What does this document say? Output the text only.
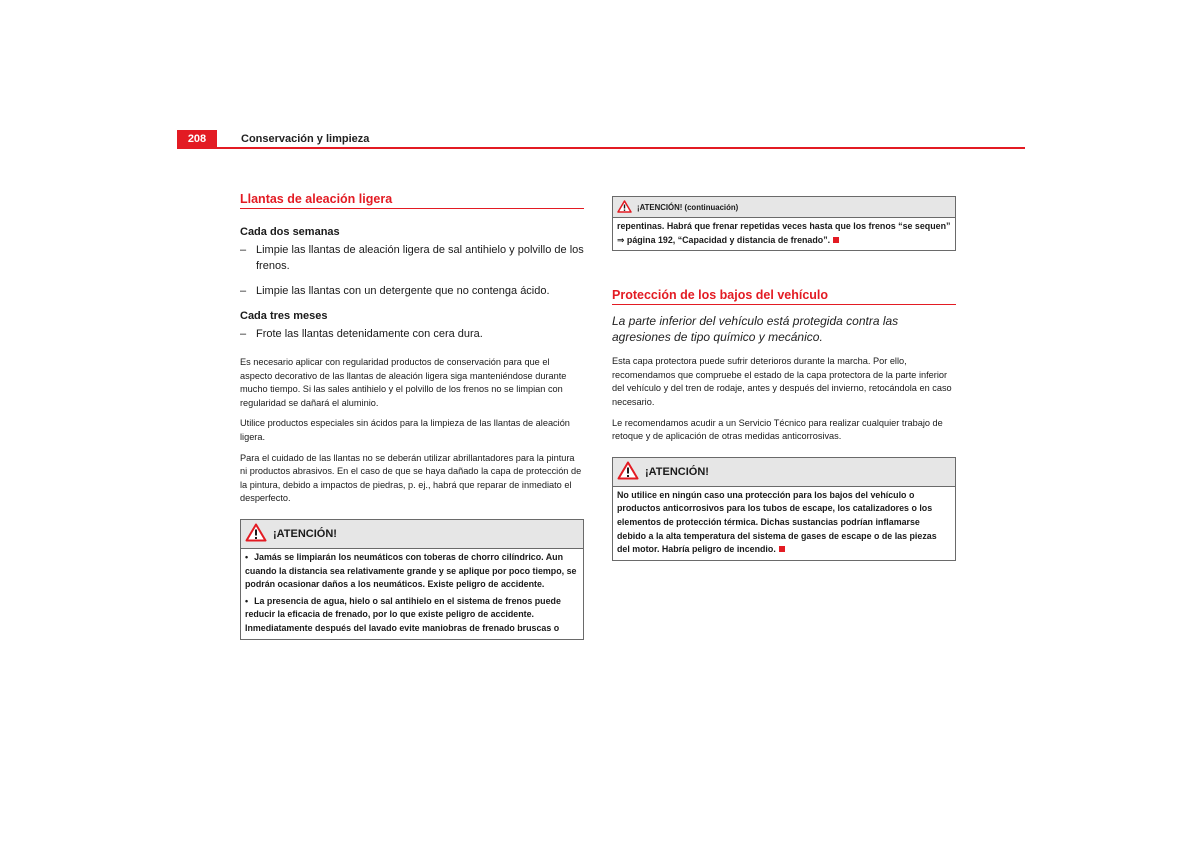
208	Conservación y limpieza
Llantas de aleación ligera
Cada dos semanas
– Limpie las llantas de aleación ligera de sal antihielo y polvillo de los frenos.
– Limpie las llantas con un detergente que no contenga ácido.
Cada tres meses
– Frote las llantas detenidamente con cera dura.

Es necesario aplicar con regularidad productos de conservación para que el aspecto decorativo de las llantas de aleación ligera siga manteniéndose durante mucho tiempo. Si las sales antihielo y el polvillo de los frenos no se limpian con regularidad se dañará el aluminio.

Utilice productos especiales sin ácidos para la limpieza de las llantas de aleación ligera.

Para el cuidado de las llantas no se deberán utilizar abrillantadores para la pintura ni productos abrasivos. En el caso de que se haya dañado la capa de protección de la pintura, debido a impactos de piedras, p. ej., habrá que reparar de inmediato el desperfecto.

¡ATENCIÓN!

• Jamás se limpiarán los neumáticos con toberas de chorro cilíndrico. Aun cuando la distancia sea relativamente grande y se aplique por poco tiempo, se podrán ocasionar daños a los neumáticos. Existe peligro de accidente.

• La presencia de agua, hielo o sal antihielo en el sistema de frenos puede reducir la eficacia de frenado, por lo que existe peligro de accidente. Inmediatamente después del lavado evite maniobras de frenado bruscas o

¡ATENCIÓN! (continuación)

repentinas. Habrá que frenar repetidas veces hasta que los frenos “se sequen” ⇒ página 192, “Capacidad y distancia de frenado”.

Protección de los bajos del vehículo

La parte inferior del vehículo está protegida contra las agresiones de tipo químico y mecánico.

Esta capa protectora puede sufrir deterioros durante la marcha. Por ello, recomendamos que compruebe el estado de la capa protectora de la parte inferior del vehículo y del tren de rodaje, antes y después del invierno, retocándola en caso necesario.

Le recomendamos acudir a un Servicio Técnico para realizar cualquier trabajo de retoque y de aplicación de otras medidas anticorrosivas.

¡ATENCIÓN!

No utilice en ningún caso una protección para los bajos del vehículo o productos anticorrosivos para los tubos de escape, los catalizadores o los elementos de protección térmica. Dichas sustancias podrían inflamarse debido a la alta temperatura del sistema de gases de escape o de las piezas del motor. Habría peligro de incendio.
